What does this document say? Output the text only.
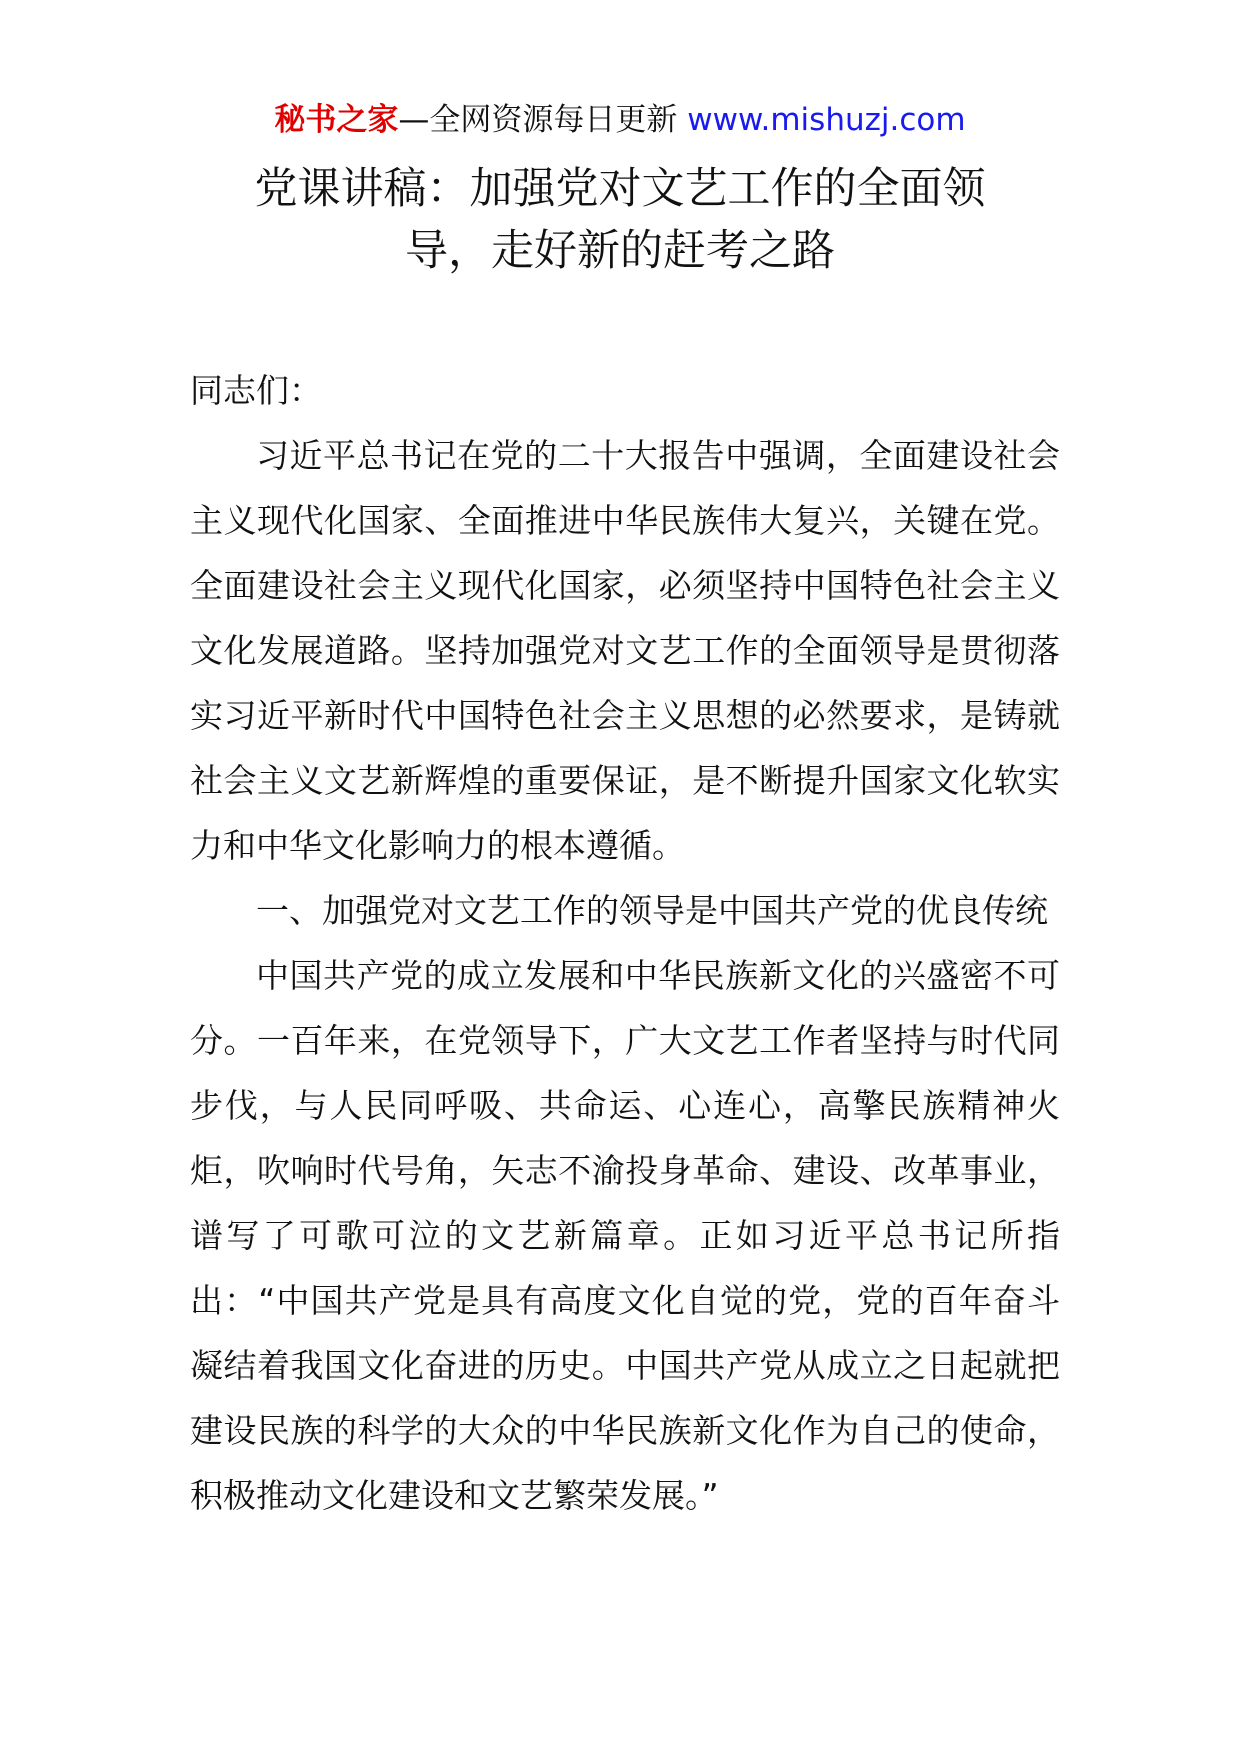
秘书之家—全网资源每日更新 www.mishuzj.com
党课讲稿：加强党对文艺工作的全面领
导，走好新的赶考之路

同志们：

习近平总书记在党的二十大报告中强调，全面建设社会主义现代化国家、全面推进中华民族伟大复兴，关键在党。全面建设社会主义现代化国家，必须坚持中国特色社会主义文化发展道路。坚持加强党对文艺工作的全面领导是贯彻落实习近平新时代中国特色社会主义思想的必然要求，是铸就社会主义文艺新辉煌的重要保证，是不断提升国家文化软实力和中华文化影响力的根本遵循。

一、加强党对文艺工作的领导是中国共产党的优良传统

中国共产党的成立发展和中华民族新文化的兴盛密不可分。一百年来，在党领导下，广大文艺工作者坚持与时代同步伐，与人民同呼吸、共命运、心连心，高擎民族精神火炬，吹响时代号角，矢志不渝投身革命、建设、改革事业，谱写了可歌可泣的文艺新篇章。正如习近平总书记所指出：“中国共产党是具有高度文化自觉的党，党的百年奋斗凝结着我国文化奋进的历史。中国共产党从成立之日起就把建设民族的科学的大众的中华民族新文化作为自己的使命，积极推动文化建设和文艺繁荣发展。”
